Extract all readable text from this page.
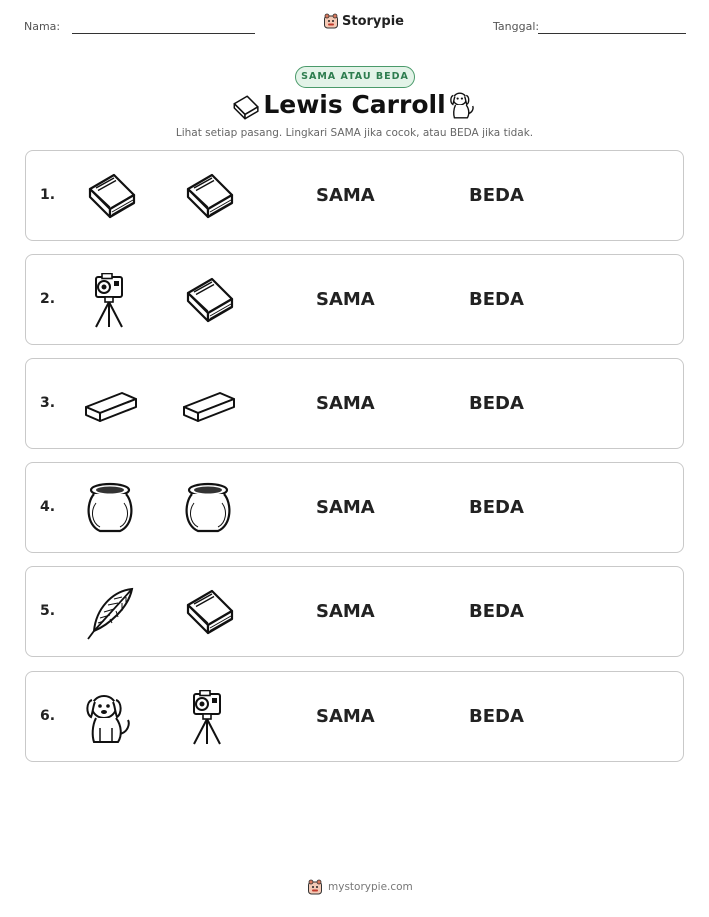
Nama:	Storypie	Tanggal:
SAMA ATAU BEDA
Lewis Carroll
Lihat setiap pasang. Lingkari SAMA jika cocok, atau BEDA jika tidak.
1.	SAMA	BEDA
2.	SAMA	BEDA
3.	SAMA	BEDA
4.	SAMA	BEDA
5.	SAMA	BEDA
6.	SAMA	BEDA
mystorypie.com
